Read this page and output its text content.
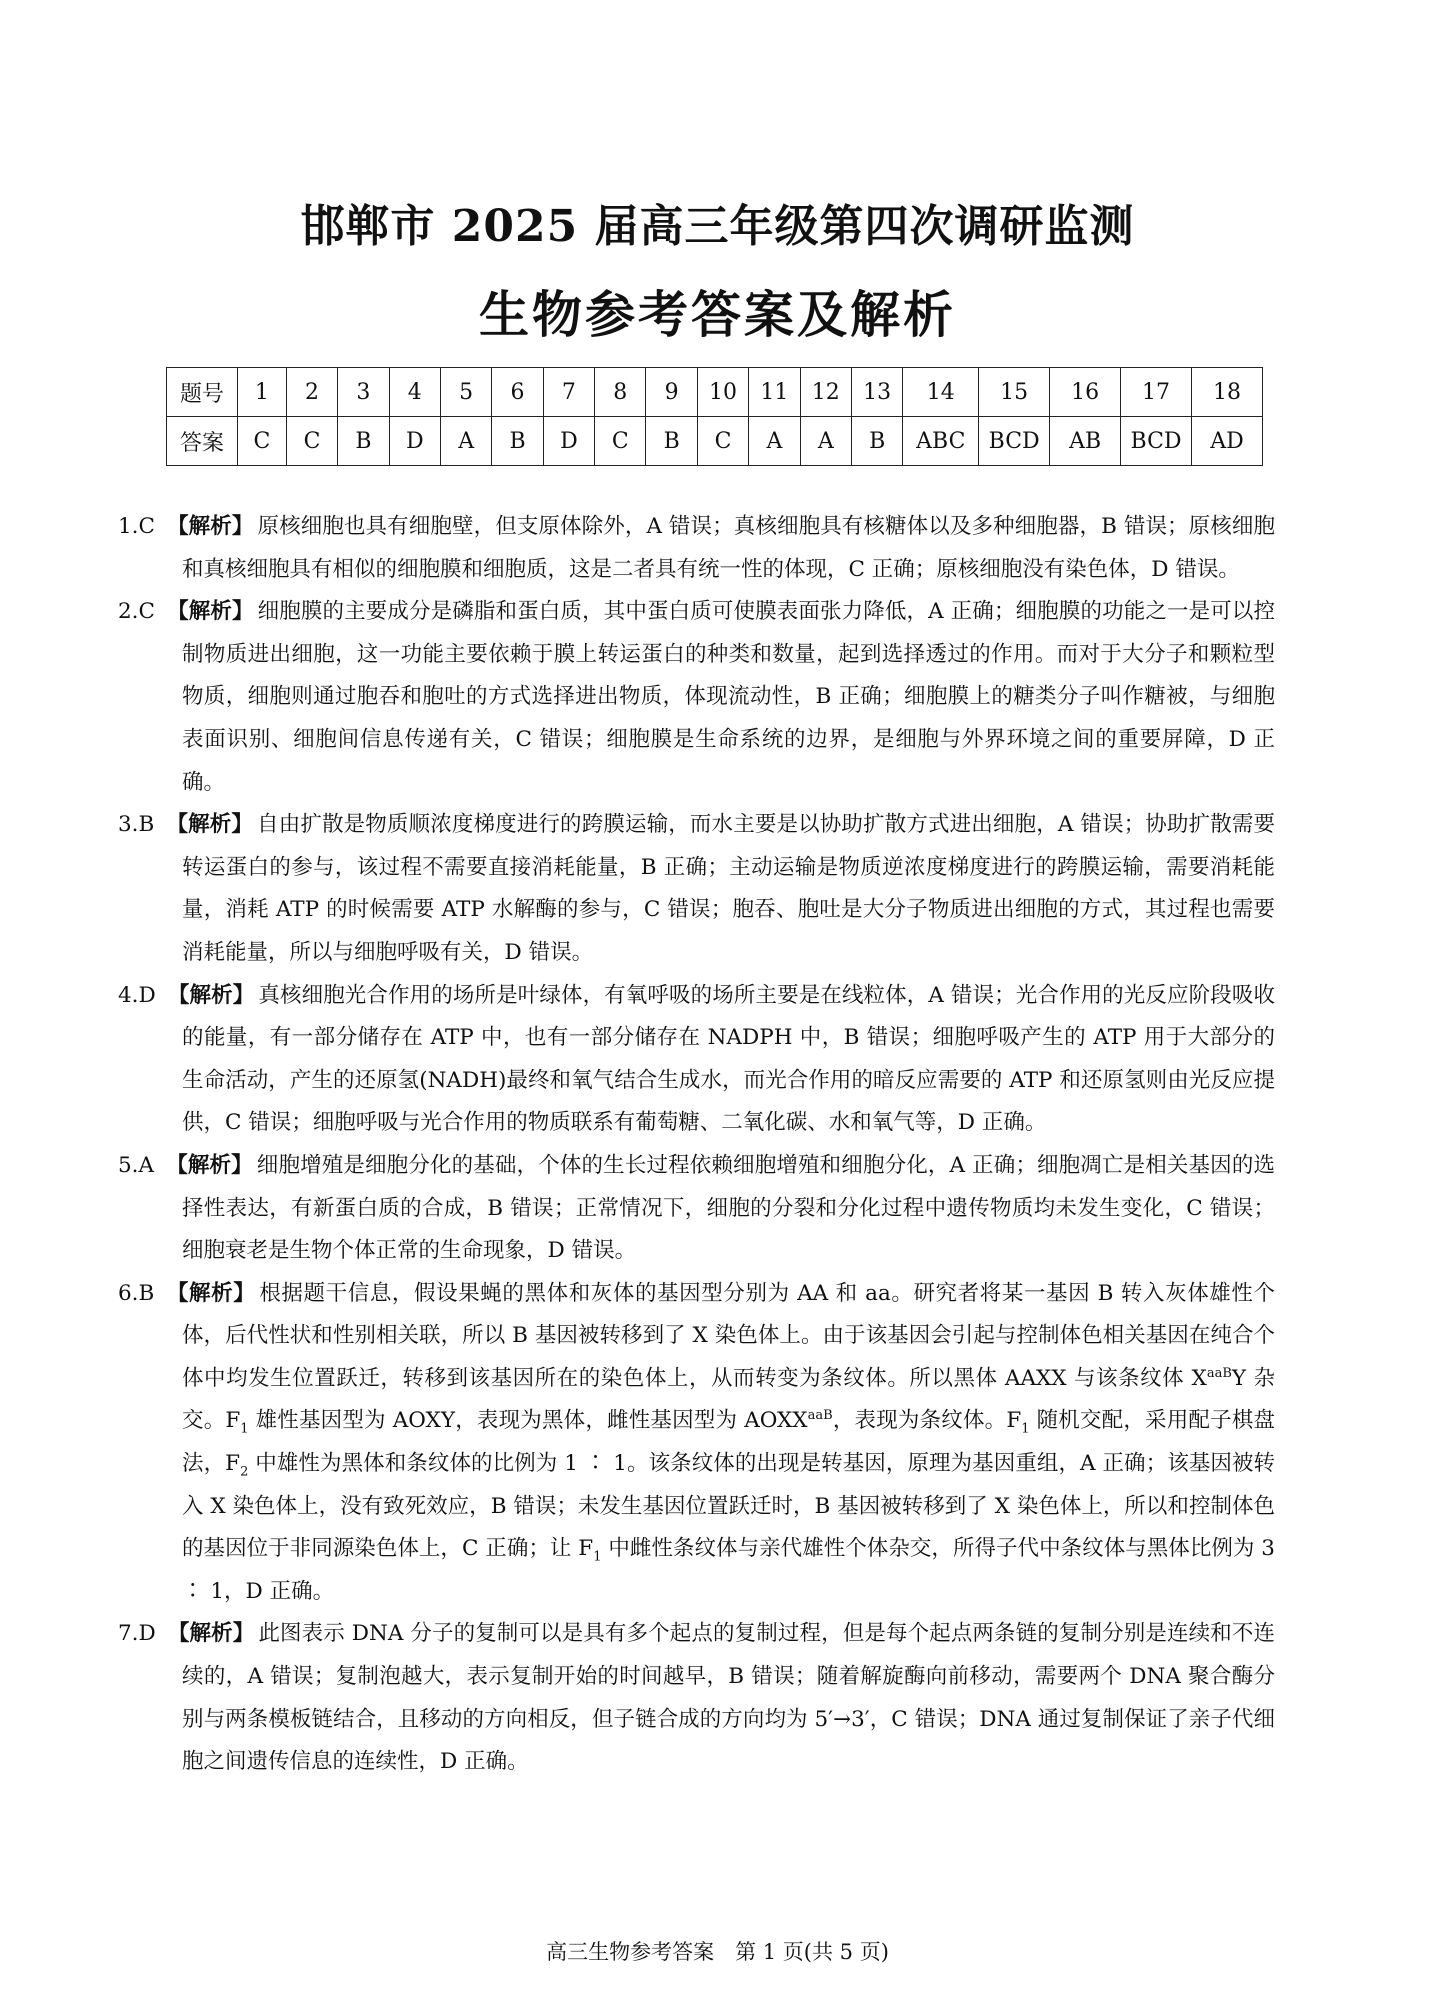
邯郸市 2025 届高三年级第四次调研监测
生物参考答案及解析
题号	1	2	3	4	5	6	7	8	9	10	11	12	13	14	15	16	17	18
答案	C	C	B	D	A	B	D	C	B	C	A	A	B	ABC	BCD	AB	BCD	AD

1.C 【解析】 原核细胞也具有细胞壁，但支原体除外，A 错误；真核细胞具有核糖体以及多种细胞器，B 错误；原核细胞和真核细胞具有相似的细胞膜和细胞质，这是二者具有统一性的体现，C 正确；原核细胞没有染色体，D 错误。

2.C 【解析】 细胞膜的主要成分是磷脂和蛋白质，其中蛋白质可使膜表面张力降低，A 正确；细胞膜的功能之一是可以控制物质进出细胞，这一功能主要依赖于膜上转运蛋白的种类和数量，起到选择透过的作用。而对于大分子和颗粒型物质，细胞则通过胞吞和胞吐的方式选择进出物质，体现流动性，B 正确；细胞膜上的糖类分子叫作糖被，与细胞表面识别、细胞间信息传递有关，C 错误；细胞膜是生命系统的边界，是细胞与外界环境之间的重要屏障，D 正确。

3.B 【解析】 自由扩散是物质顺浓度梯度进行的跨膜运输，而水主要是以协助扩散方式进出细胞，A 错误；协助扩散需要转运蛋白的参与，该过程不需要直接消耗能量，B 正确；主动运输是物质逆浓度梯度进行的跨膜运输，需要消耗能量，消耗 ATP 的时候需要 ATP 水解酶的参与，C 错误；胞吞、胞吐是大分子物质进出细胞的方式，其过程也需要消耗能量，所以与细胞呼吸有关，D 错误。

4.D 【解析】 真核细胞光合作用的场所是叶绿体，有氧呼吸的场所主要是在线粒体，A 错误；光合作用的光反应阶段吸收的能量，有一部分储存在 ATP 中，也有一部分储存在 NADPH 中，B 错误；细胞呼吸产生的 ATP 用于大部分的生命活动，产生的还原氢(NADH)最终和氧气结合生成水，而光合作用的暗反应需要的 ATP 和还原氢则由光反应提供，C 错误；细胞呼吸与光合作用的物质联系有葡萄糖、二氧化碳、水和氧气等，D 正确。

5.A 【解析】 细胞增殖是细胞分化的基础，个体的生长过程依赖细胞增殖和细胞分化，A 正确；细胞凋亡是相关基因的选择性表达，有新蛋白质的合成，B 错误；正常情况下，细胞的分裂和分化过程中遗传物质均未发生变化，C 错误；细胞衰老是生物个体正常的生命现象，D 错误。

6.B 【解析】 根据题干信息，假设果蝇的黑体和灰体的基因型分别为 AA 和 aa。研究者将某一基因 B 转入灰体雄性个体，后代性状和性别相关联，所以 B 基因被转移到了 X 染色体上。由于该基因会引起与控制体色相关基因在纯合个体中均发生位置跃迁，转移到该基因所在的染色体上，从而转变为条纹体。所以黑体 AAXX 与该条纹体 $X^{aaB}Y$ 杂交。$F_1$ 雄性基因型为 AOXY，表现为黑体，雌性基因型为 $AOXX^{aaB}$，表现为条纹体。$F_1$ 随机交配，采用配子棋盘法，$F_2$ 中雄性为黑体和条纹体的比例为 1 ∶ 1。该条纹体的出现是转基因，原理为基因重组，A 正确；该基因被转入 X 染色体上，没有致死效应，B 错误；未发生基因位置跃迁时，B 基因被转移到了 X 染色体上，所以和控制体色的基因位于非同源染色体上，C 正确；让 $F_1$ 中雌性条纹体与亲代雄性个体杂交，所得子代中条纹体与黑体比例为 3 ∶ 1，D 正确。

7.D 【解析】 此图表示 DNA 分子的复制可以是具有多个起点的复制过程，但是每个起点两条链的复制分别是连续和不连续的，A 错误；复制泡越大，表示复制开始的时间越早，B 错误；随着解旋酶向前移动，需要两个 DNA 聚合酶分别与两条模板链结合，且移动的方向相反，但子链合成的方向均为 5′→3′，C 错误；DNA 通过复制保证了亲子代细胞之间遗传信息的连续性，D 正确。

高三生物参考答案　第 1 页(共 5 页)
